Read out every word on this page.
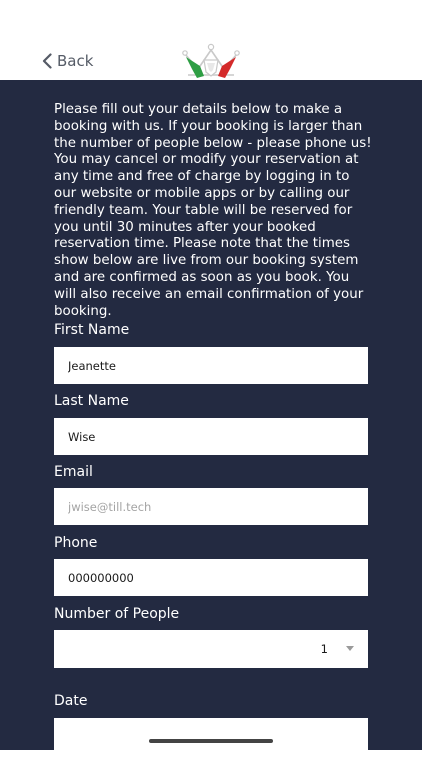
Back

Please fill out your details below to make a booking with us. If your booking is larger than the number of people below - please phone us! You may cancel or modify your reservation at any time and free of charge by logging in to our website or mobile apps or by calling our friendly team. Your table will be reserved for you until 30 minutes after your booked reservation time. Please note that the times show below are live from our booking system and are confirmed as soon as you book. You will also receive an email confirmation of your booking.

First Name

Jeanette

Last Name

Wise

Email

jwise@till.tech

Phone

000000000

Number of People

1

Date
